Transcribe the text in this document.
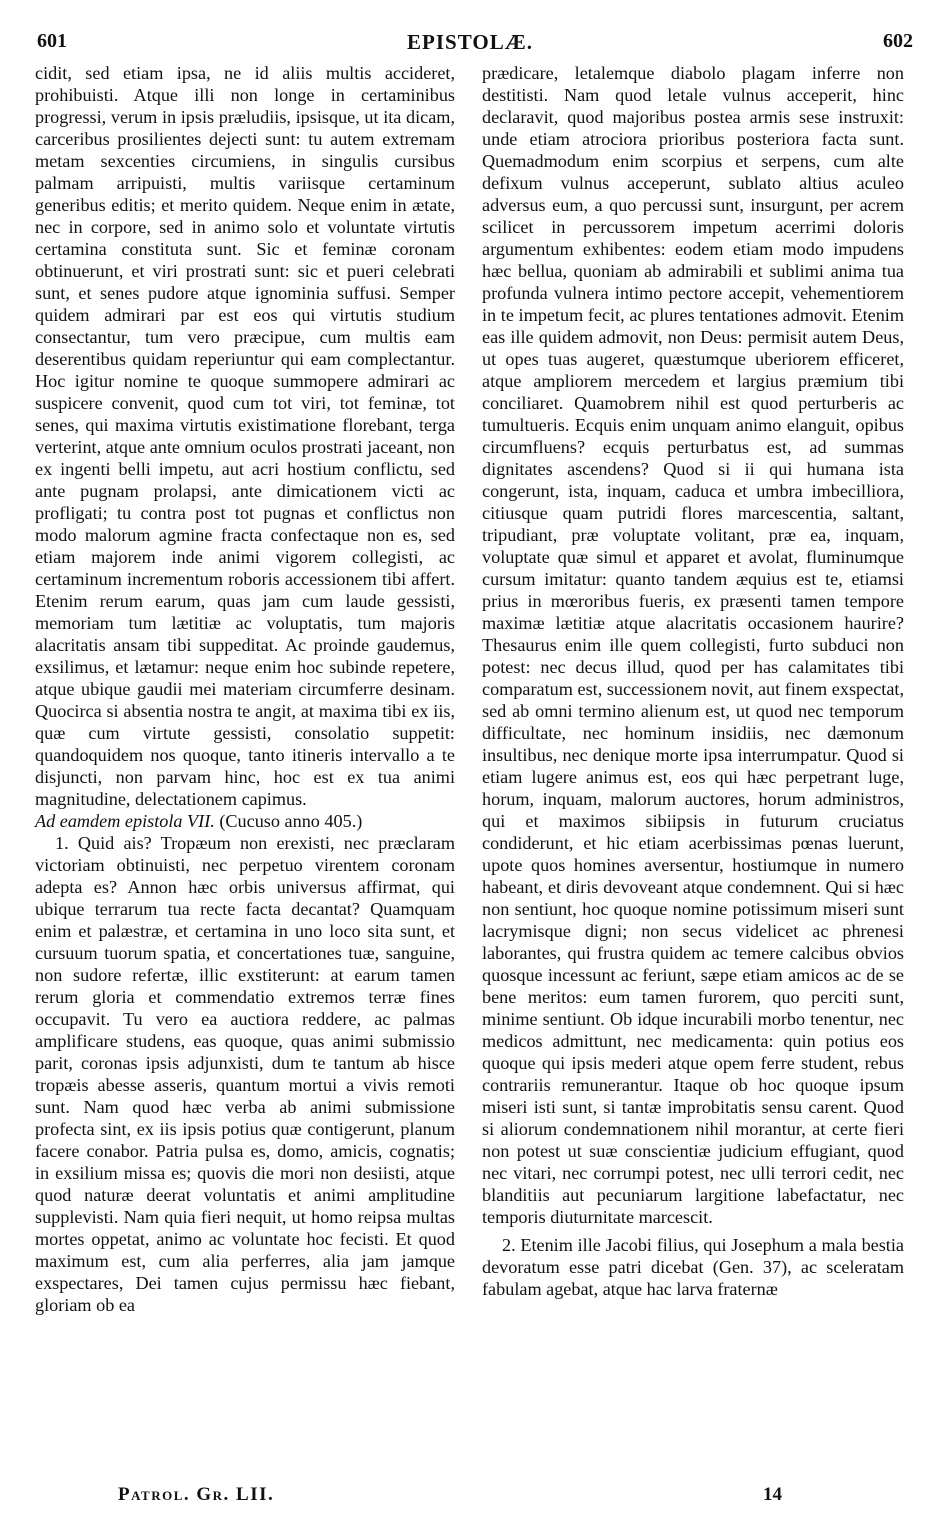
601	EPISTOLÆ.	602

cidit, sed etiam ipsa, ne id aliis multis accideret, prohibuisti. Atque illi non longe in certaminibus progressi, verum in ipsis præludiis, ipsisque, ut ita dicam, carceribus prosilientes dejecti sunt: tu autem extremam metam sexcenties circumiens, in singulis cursibus palmam arripuisti, multis variisque certaminum generibus editis; et merito quidem. Neque enim in ætate, nec in corpore, sed in animo solo et voluntate virtutis certamina constituta sunt. Sic et feminæ coronam obtinuerunt, et viri prostrati sunt: sic et pueri celebrati sunt, et senes pudore atque ignominia suffusi. Semper quidem admirari par est eos qui virtutis studium consectantur, tum vero præcipue, cum multis eam deserentibus quidam reperiuntur qui eam complectantur. Hoc igitur nomine te quoque summopere admirari ac suspicere convenit, quod cum tot viri, tot feminæ, tot senes, qui maxima virtutis existimatione florebant, terga verterint, atque ante omnium oculos prostrati jaceant, non ex ingenti belli impetu, aut acri hostium conflictu, sed ante pugnam prolapsi, ante dimicationem victi ac profligati; tu contra post tot pugnas et conflictus non modo malorum agmine fracta confectaque non es, sed etiam majorem inde animi vigorem collegisti, ac certaminum incrementum roboris accessionem tibi affert. Etenim rerum earum, quas jam cum laude gessisti, memoriam tum lætitiæ ac voluptatis, tum majoris alacritatis ansam tibi suppeditat. Ac proinde gaudemus, exsilimus, et lætamur: neque enim hoc subinde repetere, atque ubique gaudii mei materiam circumferre desinam. Quocirca si absentia nostra te angit, at maxima tibi ex iis, quæ cum virtute gessisti, consolatio suppetit: quandoquidem nos quoque, tanto itineris intervallo a te disjuncti, non parvam hinc, hoc est ex tua animi magnitudine, delectationem capimus.

Ad eamdem epistola VII. (Cucuso anno 405.)

1. Quid ais? Tropæum non erexisti, nec præclaram victoriam obtinuisti, nec perpetuo virentem coronam adepta es? Annon hæc orbis universus affirmat, qui ubique terrarum tua recte facta decantat? Quamquam enim et palæstræ, et certamina in uno loco sita sunt, et cursuum tuorum spatia, et concertationes tuæ, sanguine, non sudore refertæ, illic exstiterunt: at earum tamen rerum gloria et commendatio extremos terræ fines occupavit. Tu vero ea auctiora reddere, ac palmas amplificare studens, eas quoque, quas animi submissio parit, coronas ipsis adjunxisti, dum te tantum ab hisce tropæis abesse asseris, quantum mortui a vivis remoti sunt. Nam quod hæc verba ab animi submissione profecta sint, ex iis ipsis potius quæ contigerunt, planum facere conabor. Patria pulsa es, domo, amicis, cognatis; in exsilium missa es; quovis die mori non desiisti, atque quod naturæ deerat voluntatis et animi amplitudine supplevisti. Nam quia fieri nequit, ut homo reipsa multas mortes oppetat, animo ac voluntate hoc fecisti. Et quod maximum est, cum alia perferres, alia jam jamque exspectares, Dei tamen cujus permissu hæc fiebant, gloriam ob ea

prædicare, letalemque diabolo plagam inferre non destitisti. Nam quod letale vulnus acceperit, hinc declaravit, quod majoribus postea armis sese instruxit: unde etiam atrociora prioribus posteriora facta sunt. Quemadmodum enim scorpius et serpens, cum alte defixum vulnus acceperunt, sublato altius aculeo adversus eum, a quo percussi sunt, insurgunt, per acrem scilicet in percussorem impetum acerrimi doloris argumentum exhibentes: eodem etiam modo impudens hæc bellua, quoniam ab admirabili et sublimi anima tua profunda vulnera intimo pectore accepit, vehementiorem in te impetum fecit, ac plures tentationes admovit. Etenim eas ille quidem admovit, non Deus: permisit autem Deus, ut opes tuas augeret, quæstumque uberiorem efficeret, atque ampliorem mercedem et largius præmium tibi conciliaret. Quamobrem nihil est quod perturberis ac tumultueris. Ecquis enim unquam animo elanguit, opibus circumfluens? ecquis perturbatus est, ad summas dignitates ascendens? Quod si ii qui humana ista congerunt, ista, inquam, caduca et umbra imbecilliora, citiusque quam putridi flores marcescentia, saltant, tripudiant, præ voluptate volitant, præ ea, inquam, voluptate quæ simul et apparet et avolat, fluminumque cursum imitatur: quanto tandem æquius est te, etiamsi prius in mœroribus fueris, ex præsenti tamen tempore maximæ lætitiæ atque alacritatis occasionem haurire? Thesaurus enim ille quem collegisti, furto subduci non potest: nec decus illud, quod per has calamitates tibi comparatum est, successionem novit, aut finem exspectat, sed ab omni termino alienum est, ut quod nec temporum difficultate, nec hominum insidiis, nec dæmonum insultibus, nec denique morte ipsa interrumpatur. Quod si etiam lugere animus est, eos qui hæc perpetrant luge, horum, inquam, malorum auctores, horum administros, qui et maximos sibiipsis in futurum cruciatus condiderunt, et hic etiam acerbissimas pœnas luerunt, upote quos homines aversentur, hostiumque in numero habeant, et diris devoveant atque condemnent. Qui si hæc non sentiunt, hoc quoque nomine potissimum miseri sunt lacrymisque digni; non secus videlicet ac phrenesi laborantes, qui frustra quidem ac temere calcibus obvios quosque incessunt ac feriunt, sæpe etiam amicos ac de se bene meritos: eum tamen furorem, quo perciti sunt, minime sentiunt. Ob idque incurabili morbo tenentur, nec medicos admittunt, nec medicamenta: quin potius eos quoque qui ipsis mederi atque opem ferre student, rebus contrariis remunerantur. Itaque ob hoc quoque ipsum miseri isti sunt, si tantæ improbitatis sensu carent. Quod si aliorum condemnationem nihil morantur, at certe fieri non potest ut suæ conscientiæ judicium effugiant, quod nec vitari, nec corrumpi potest, nec ulli terrori cedit, nec blanditiis aut pecuniarum largitione labefactatur, nec temporis diuturnitate marcescit.

2. Etenim ille Jacobi filius, qui Josephum a mala bestia devoratum esse patri dicebat (Gen. 37), ac sceleratam fabulam agebat, atque hac larva fraternæ

Patrol. Gr. LII.	14
